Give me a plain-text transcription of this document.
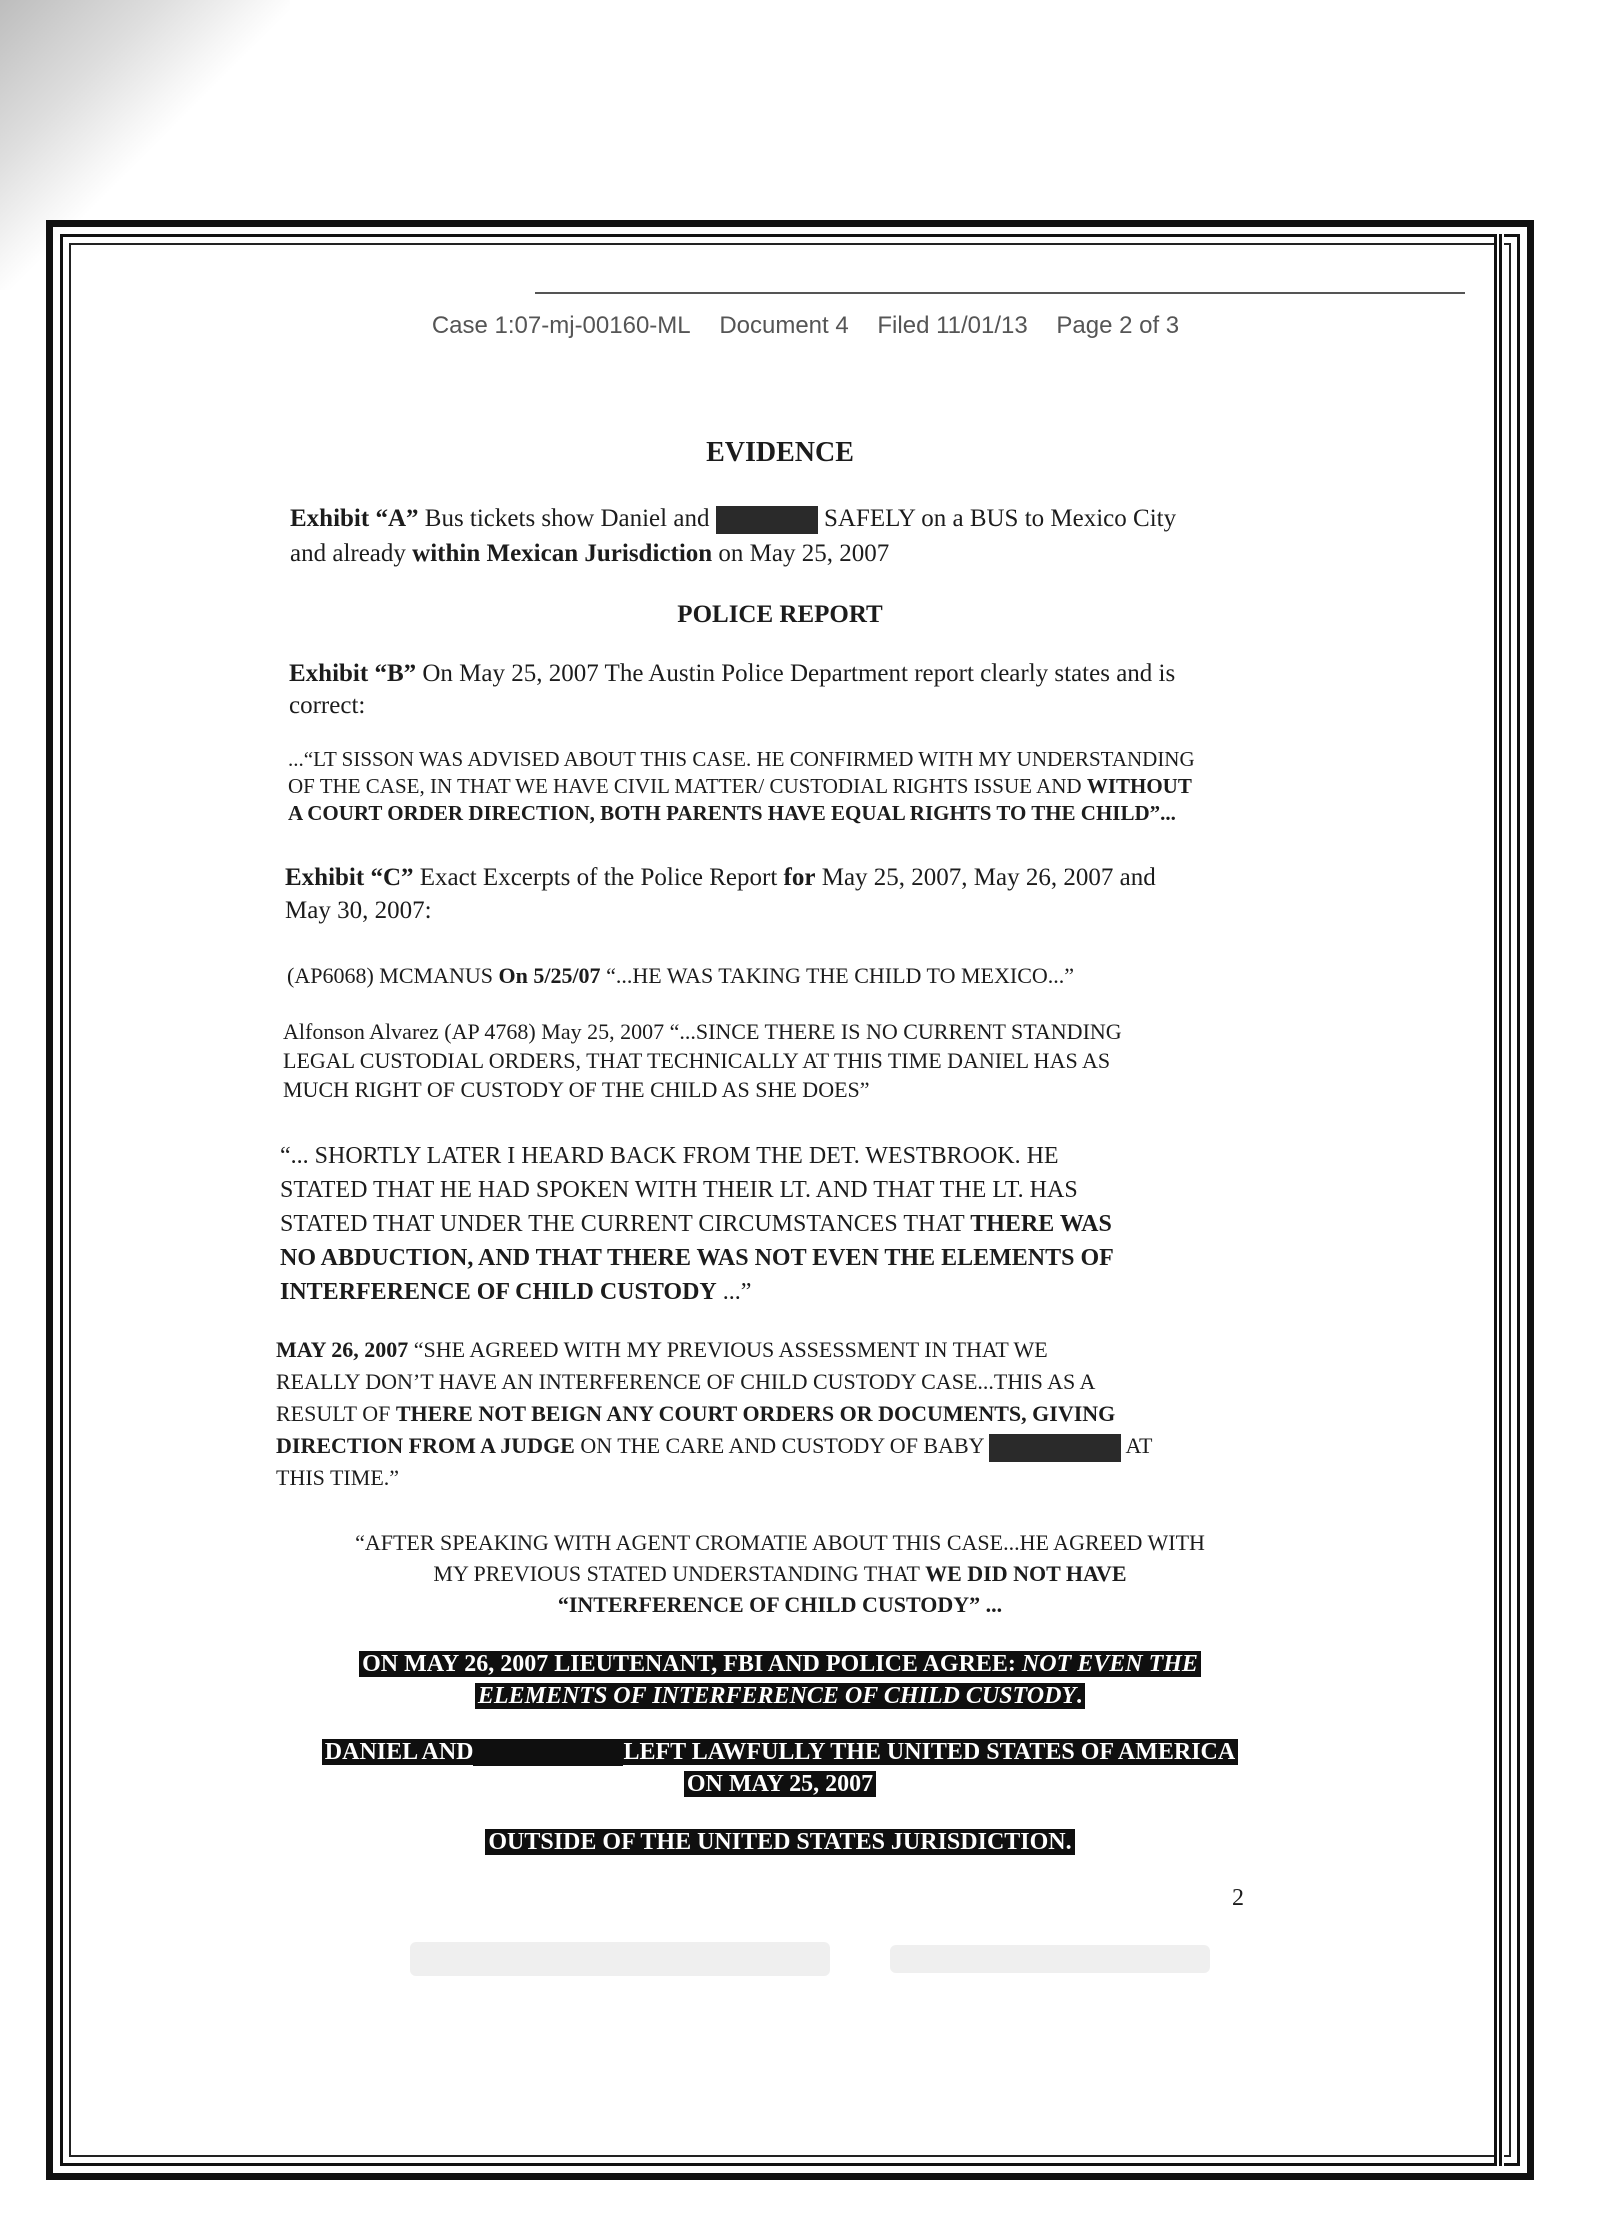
Case 1:07-mj-00160-ML Document 4 Filed 11/01/13 Page 2 of 3
EVIDENCE
Exhibit “A” Bus tickets show Daniel and	SAFELY on a BUS to Mexico City
and already within Mexican Jurisdiction on May 25, 2007
POLICE REPORT
Exhibit “B” On May 25, 2007 The Austin Police Department report clearly states and is
correct:
...“LT SISSON WAS ADVISED ABOUT THIS CASE. HE CONFIRMED WITH MY UNDERSTANDING
OF THE CASE, IN THAT WE HAVE CIVIL MATTER/ CUSTODIAL RIGHTS ISSUE AND WITHOUT
A COURT ORDER DIRECTION, BOTH PARENTS HAVE EQUAL RIGHTS TO THE CHILD”...
Exhibit “C” Exact Excerpts of the Police Report for May 25, 2007, May 26, 2007 and
May 30, 2007:
(AP6068) MCMANUS On 5/25/07 “...HE WAS TAKING THE CHILD TO MEXICO...”
Alfonson Alvarez (AP 4768) May 25, 2007 “...SINCE THERE IS NO CURRENT STANDING
LEGAL CUSTODIAL ORDERS, THAT TECHNICALLY AT THIS TIME DANIEL HAS AS
MUCH RIGHT OF CUSTODY OF THE CHILD AS SHE DOES”
“... SHORTLY LATER I HEARD BACK FROM THE DET. WESTBROOK. HE
STATED THAT HE HAD SPOKEN WITH THEIR LT. AND THAT THE LT. HAS
STATED THAT UNDER THE CURRENT CIRCUMSTANCES THAT THERE WAS
NO ABDUCTION, AND THAT THERE WAS NOT EVEN THE ELEMENTS OF
INTERFERENCE OF CHILD CUSTODY ...”
MAY 26, 2007 “SHE AGREED WITH MY PREVIOUS ASSESSMENT IN THAT WE
REALLY DON’T HAVE AN INTERFERENCE OF CHILD CUSTODY CASE...THIS AS A
RESULT OF THERE NOT BEIGN ANY COURT ORDERS OR DOCUMENTS, GIVING
DIRECTION FROM A JUDGE ON THE CARE AND CUSTODY OF BABY	AT
THIS TIME.”
“AFTER SPEAKING WITH AGENT CROMATIE ABOUT THIS CASE...HE AGREED WITH
MY PREVIOUS STATED UNDERSTANDING THAT WE DID NOT HAVE
“INTERFERENCE OF CHILD CUSTODY” ...
ON MAY 26, 2007 LIEUTENANT, FBI AND POLICE AGREE: NOT EVEN THE
ELEMENTS OF INTERFERENCE OF CHILD CUSTODY.
DANIEL AND	LEFT LAWFULLY THE UNITED STATES OF AMERICA
ON MAY 25, 2007
OUTSIDE OF THE UNITED STATES JURISDICTION.
2
